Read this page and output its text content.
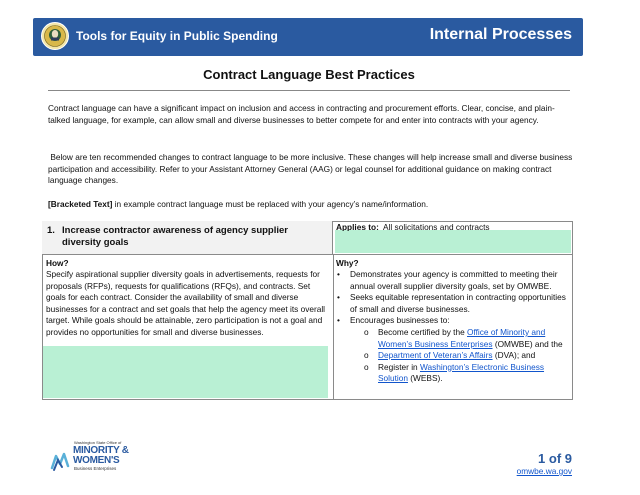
Tools for Equity in Public Spending	Internal Processes
Contract Language Best Practices
Contract language can have a significant impact on inclusion and access in contracting and procurement efforts. Clear, concise, and plain-talked language, for example, can allow small and diverse businesses to better compete for and enter into contracts with your agency.
Below are ten recommended changes to contract language to be more inclusive. These changes will help increase small and diverse business participation and accessibility. Refer to your Assistant Attorney General (AAG) or legal counsel for additional guidance on making contract language changes.
[Bracketed Text] in example contract language must be replaced with your agency’s name/information.
1. Increase contractor awareness of agency supplier
diversity goals
Applies to: All solicitations and contracts
How?
Specify aspirational supplier diversity goals in advertisements, requests for proposals (RFPs), requests for qualifications (RFQs), and contracts. Set goals for each contract. Consider the availability of small and diverse businesses for a contract and set goals that help the agency meet its overall target. While goals should be attainable, zero participation is not a goal and provides no opportunities for small and diverse businesses.
Why?
• Demonstrates your agency is committed to meeting their annual overall supplier diversity goals, set by OMWBE.
• Seeks equitable representation in contracting opportunities of small and diverse businesses.
• Encourages businesses to:
o Become certified by the Office of Minority and Women’s Business Enterprises (OMWBE) and the
o Department of Veteran’s Affairs (DVA); and
o Register in Washington’s Electronic Business Solution (WEBS).
Washington State Office of
MINORITY &
WOMEN'S
Business Enterprises
1 of 9
omwbe.wa.gov
